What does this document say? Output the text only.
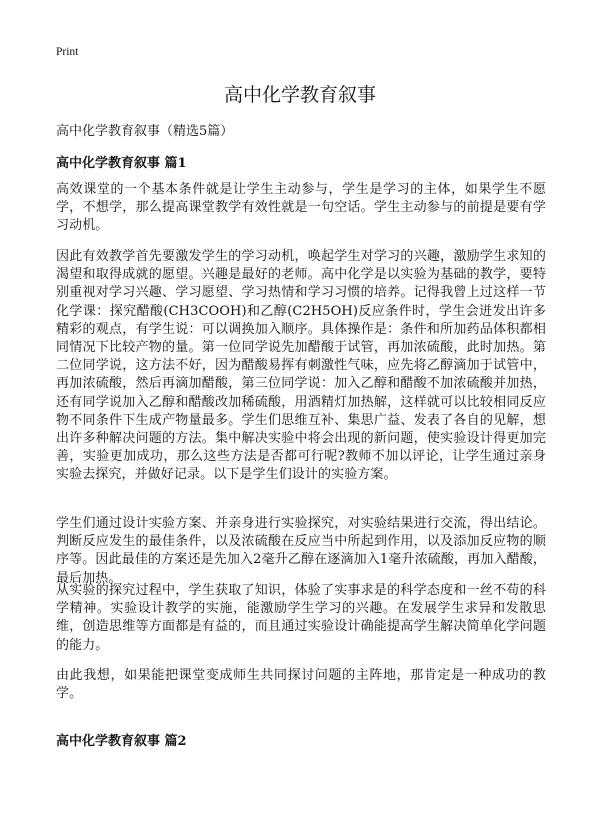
Print
高中化学教育叙事
高中化学教育叙事（精选5篇）
高中化学教育叙事 篇1

高效课堂的一个基本条件就是让学生主动参与，学生是学习的主体，如果学生不愿学，不想学，那么提高课堂教学有效性就是一句空话。学生主动参与的前提是要有学习动机。

因此有效教学首先要激发学生的学习动机，唤起学生对学习的兴趣，激励学生求知的渴望和取得成就的愿望。兴趣是最好的老师。高中化学是以实验为基础的教学，要特别重视对学习兴趣、学习愿望、学习热情和学习习惯的培养。记得我曾上过这样一节化学课：探究醋酸(CH3COOH)和乙醇(C2H5OH)反应条件时，学生会迸发出许多精彩的观点，有学生说：可以调换加入顺序。具体操作是：条件和所加药品体积都相同情况下比较产物的量。第一位同学说先加醋酸于试管，再加浓硫酸，此时加热。第二位同学说，这方法不好，因为醋酸易挥有刺激性气味，应先将乙醇滴加于试管中，再加浓硫酸，然后再滴加醋酸，第三位同学说：加入乙醇和醋酸不加浓硫酸并加热，还有同学说加入乙醇和醋酸改加稀硫酸，用酒精灯加热解，这样就可以比较相同反应物不同条件下生成产物量最多。学生们思维互补、集思广益、发表了各自的见解，想出许多种解决问题的方法。集中解决实验中将会出现的新问题，使实验设计得更加完善，实验更加成功，那么这些方法是否都可行呢?教师不加以评论，让学生通过亲身实验去探究，并做好记录。以下是学生们设计的实验方案。

学生们通过设计实验方案、并亲身进行实验探究，对实验结果进行交流，得出结论。判断反应发生的最佳条件，以及浓硫酸在反应当中所起到作用，以及添加反应物的顺序等。因此最佳的方案还是先加入2毫升乙醇在逐滴加入1毫升浓硫酸，再加入醋酸，最后加热。

从实验的探究过程中，学生获取了知识，体验了实事求是的科学态度和一丝不苟的科学精神。实验设计教学的实施，能激励学生学习的兴趣。在发展学生求异和发散思维，创造思维等方面都是有益的，而且通过实验设计确能提高学生解决简单化学问题的能力。

由此我想，如果能把课堂变成师生共同探讨问题的主阵地，那肯定是一种成功的教学。

高中化学教育叙事 篇2
